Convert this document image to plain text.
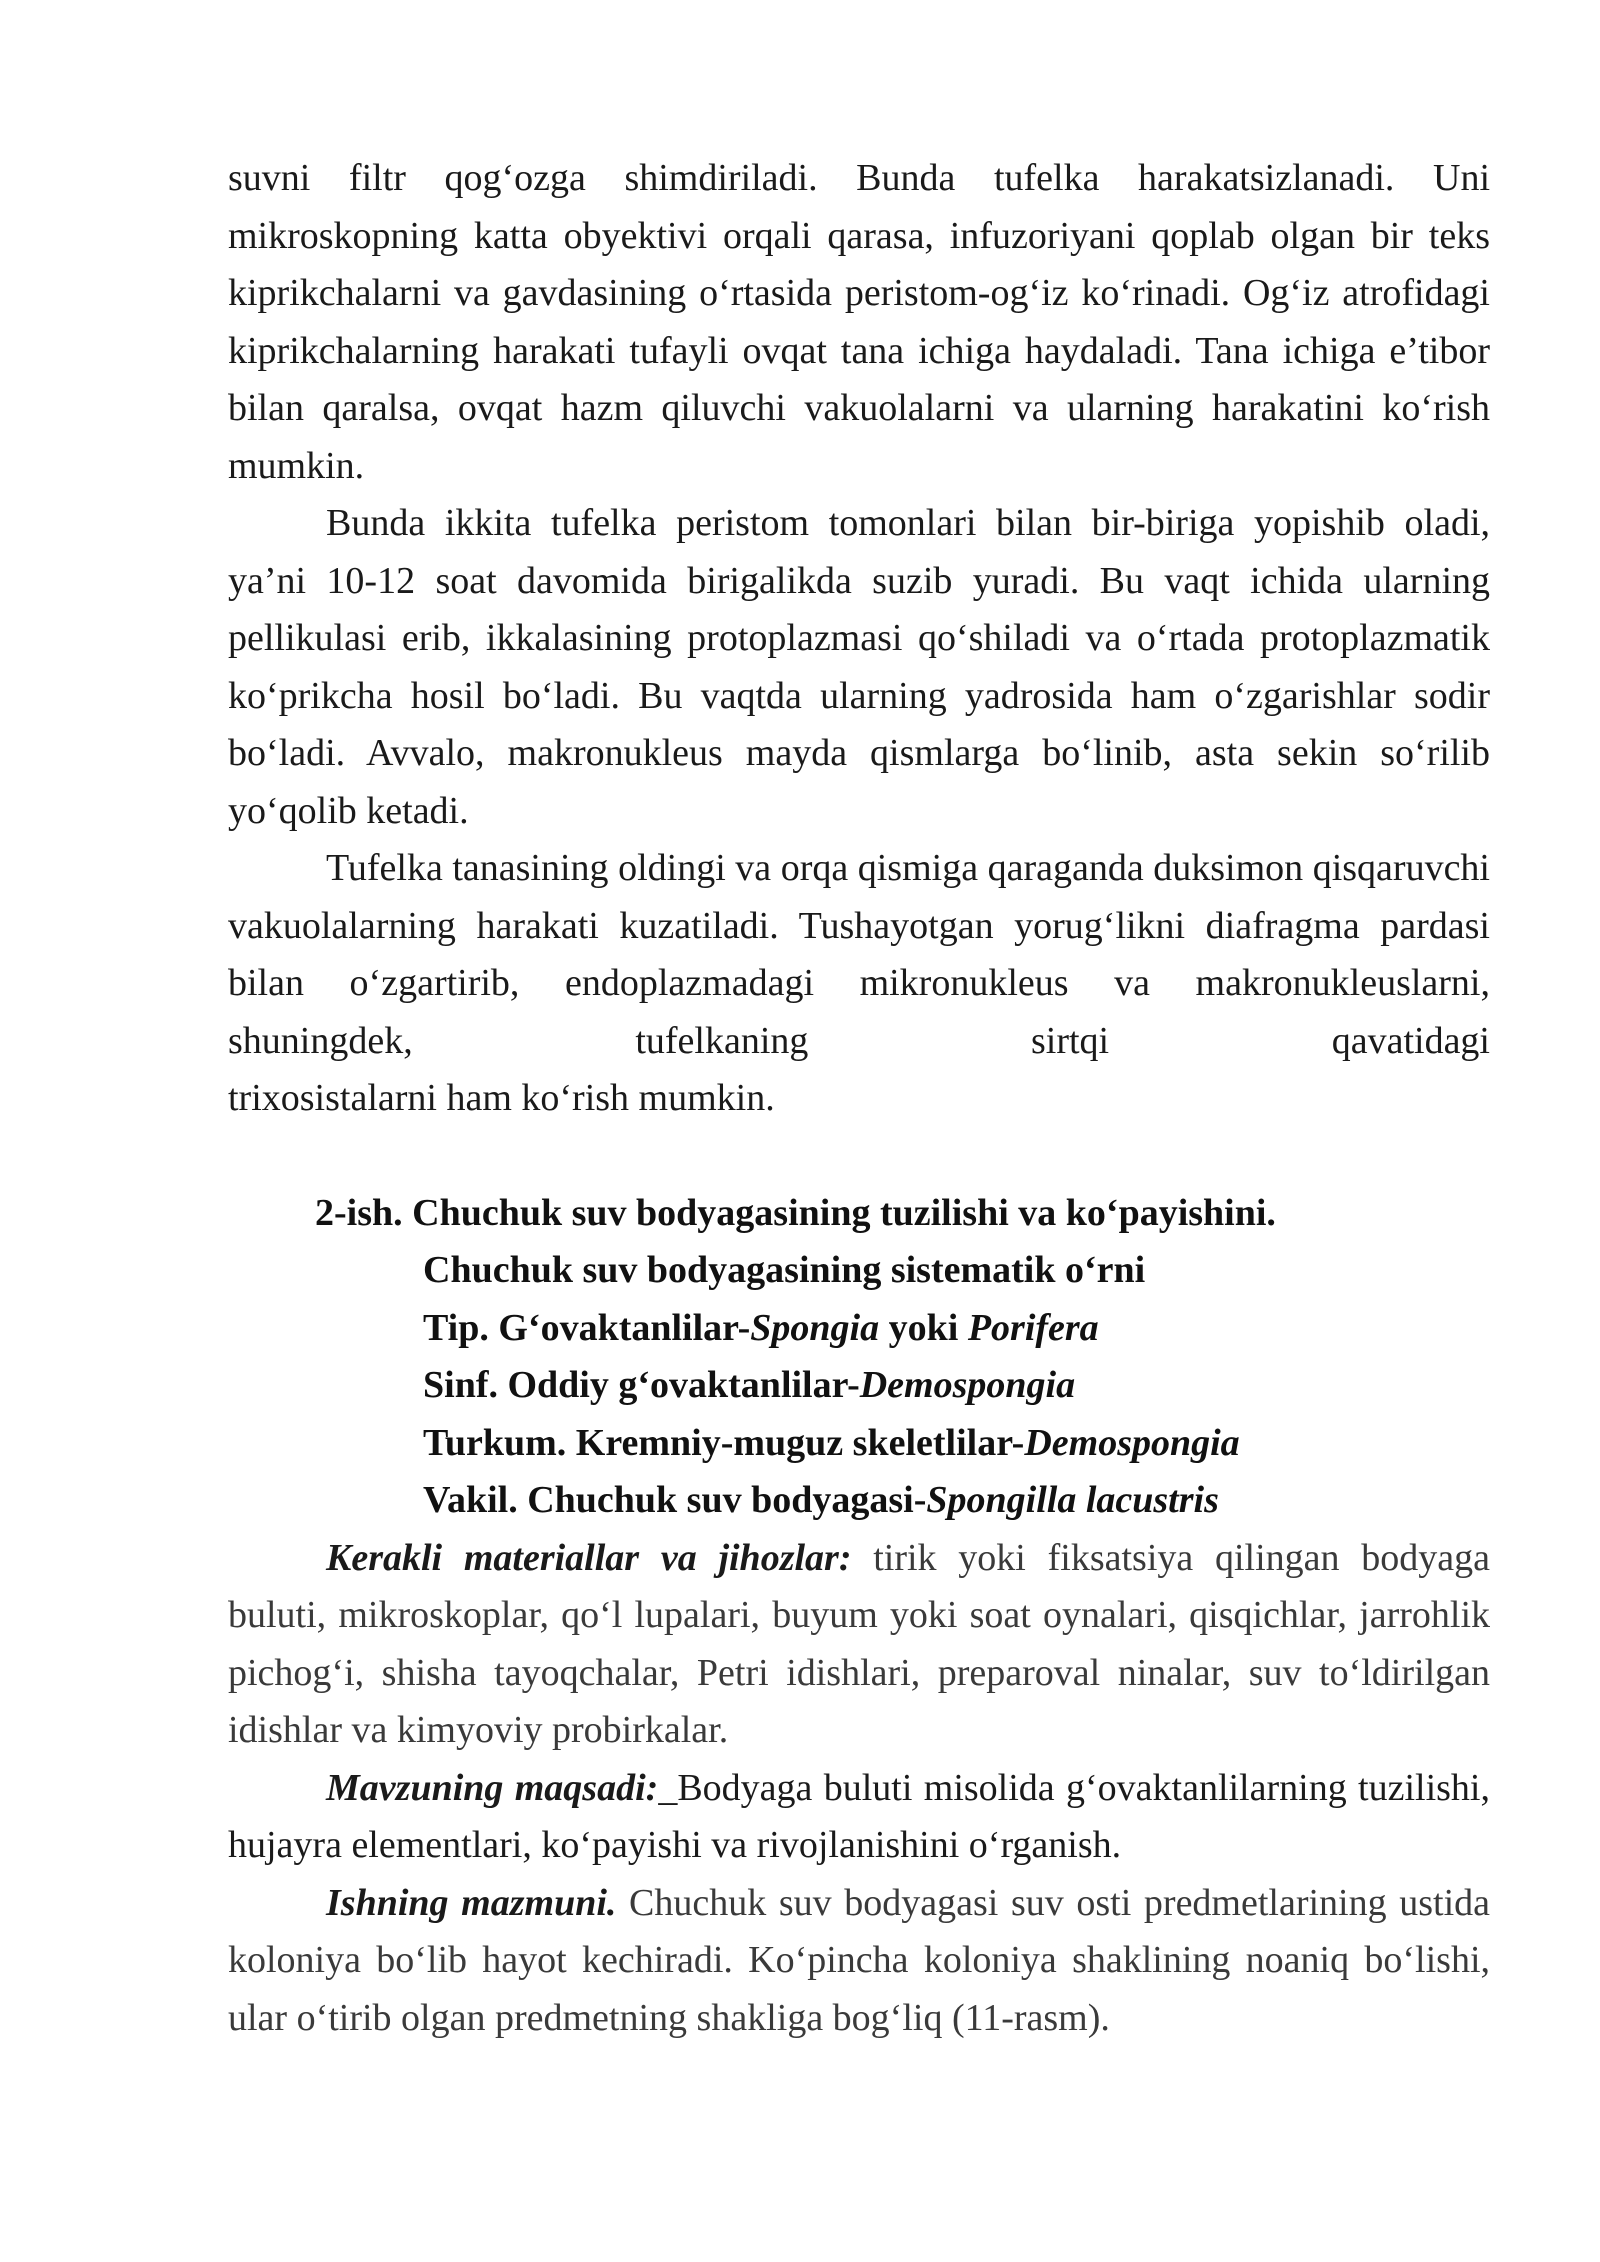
suvni filtr qog‘ozga shimdiriladi. Bunda tufelka harakatsizlanadi. Uni mikroskopning katta obyektivi orqali qarasa, infuzoriyani qoplab olgan bir teks kiprikchalarni va gavdasining o‘rtasida peristom-og‘iz ko‘rinadi. Og‘iz atrofidagi kiprikchalarning harakati tufayli ovqat tana ichiga haydaladi. Tana ichiga e’tibor bilan qaralsa, ovqat hazm qiluvchi vakuolalarni va ularning harakatini ko‘rish mumkin.

Bunda ikkita tufelka peristom tomonlari bilan bir-biriga yopishib oladi, ya’ni 10-12 soat davomida birigalikda suzib yuradi. Bu vaqt ichida ularning pellikulasi erib, ikkalasining protoplazmasi qo‘shiladi va o‘rtada protoplazmatik ko‘prikcha hosil bo‘ladi. Bu vaqtda ularning yadrosida ham o‘zgarishlar sodir bo‘ladi. Avvalo, makronukleus mayda qismlarga bo‘linib, asta sekin so‘rilib yo‘qolib ketadi.

Tufelka tanasining oldingi va orqa qismiga qaraganda duksimon qisqaruvchi vakuolalarning harakati kuzatiladi. Tushayotgan yorug‘likni diafragma pardasi bilan o‘zgartirib, endoplazmadagi mikronukleus va makronukleuslarni, shuningdek, tufelkaning sirtqi qavatidagi
trixosistalarni ham ko‘rish mumkin.

2-ish. Chuchuk suv bodyagasining tuzilishi va ko‘payishini.

Chuchuk suv bodyagasining sistematik o‘rni

Tip. G‘ovaktanlilar-Spongia yoki Porifera

Sinf. Oddiy g‘ovaktanlilar-Demospongia

Turkum. Kremniy-muguz skeletlilar-Demospongia

Vakil. Chuchuk suv bodyagasi-Spongilla lacustris

Kerakli materiallar va jihozlar: tirik yoki fiksatsiya qilingan bodyaga buluti, mikroskoplar, qo‘l lupalari, buyum yoki soat oynalari, qisqichlar, jarrohlik pichog‘i, shisha tayoqchalar, Petri idishlari, preparoval ninalar, suv to‘ldirilgan idishlar va kimyoviy probirkalar.

Mavzuning maqsadi:_Bodyaga buluti misolida g‘ovaktanlilarning tuzilishi, hujayra elementlari, ko‘payishi va rivojlanishini o‘rganish.

Ishning mazmuni. Chuchuk suv bodyagasi suv osti predmetlarining ustida koloniya bo‘lib hayot kechiradi. Ko‘pincha koloniya shaklining noaniq bo‘lishi, ular o‘tirib olgan predmetning shakliga bog‘liq (11-rasm).
